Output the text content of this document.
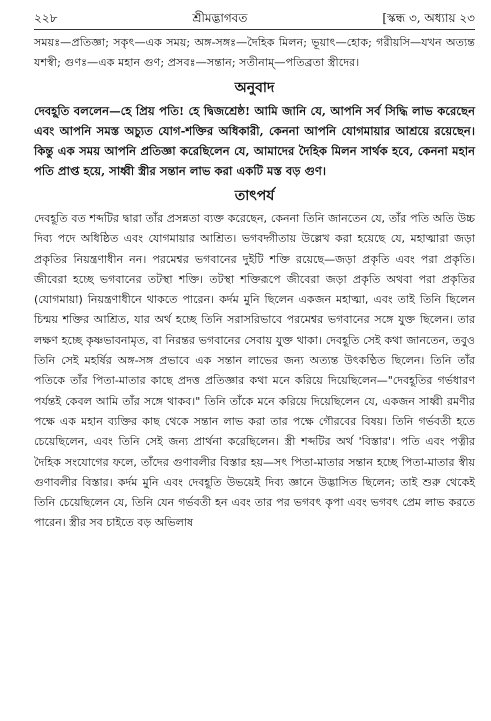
২২৮	শ্রীমদ্ভাগবত	[স্কন্ধ ৩, অধ্যায় ২৩

সময়ঃ—প্রতিজ্ঞা; সকৃৎ—এক সময়; অঙ্গ-সঙ্গঃ—দৈহিক মিলন; ভূয়াৎ—হোক; গরীয়সি—যখন অত্যন্ত যশস্বী; গুণঃ—এক মহান গুণ; প্রসবঃ—সন্তান; সতীনাম্—পতিব্রতা স্ত্রীদের।

অনুবাদ

দেবহূতি বললেন—হে প্রিয় পতি! হে দ্বিজশ্রেষ্ঠ! আমি জানি যে, আপনি সর্ব সিদ্ধি লাভ করেছেন এবং আপনি সমস্ত অচ্যুত যোগ-শক্তির অধিকারী, কেননা আপনি যোগমায়ার আশ্রয়ে রয়েছেন। কিন্তু এক সময় আপনি প্রতিজ্ঞা করেছিলেন যে, আমাদের দৈহিক মিলন সার্থক হবে, কেননা মহান পতি প্রাপ্ত হয়ে, সাধ্বী স্ত্রীর সন্তান লাভ করা একটি মস্ত বড় গুণ।

তাৎপর্য

দেবহূতি বত শব্দটির দ্বারা তাঁর প্রসন্নতা ব্যক্ত করেছেন, কেননা তিনি জানতেন যে, তাঁর পতি অতি উচ্চ দিব্য পদে অধিষ্ঠিত এবং যোগমায়ার আশ্রিত। ভগবদ্গীতায় উল্লেখ করা হয়েছে যে, মহাত্মারা জড়া প্রকৃতির নিয়ন্ত্রণাধীন নন। পরমেশ্বর ভগবানের দুইটি শক্তি রয়েছে—জড়া প্রকৃতি এবং পরা প্রকৃতি। জীবেরা হচ্ছে ভগবানের তটস্থা শক্তি। তটস্থা শক্তিরূপে জীবেরা জড়া প্রকৃতি অথবা পরা প্রকৃতির (যোগমায়া) নিয়ন্ত্রণাধীনে থাকতে পারেন। কর্দম মুনি ছিলেন একজন মহাত্মা, এবং তাই তিনি ছিলেন চিন্ময় শক্তির আশ্রিত, যার অর্থ হচ্ছে তিনি সরাসরিভাবে পরমেশ্বর ভগবানের সঙ্গে যুক্ত ছিলেন। তার লক্ষণ হচ্ছে কৃষ্ণভাবনামৃত, বা নিরন্তর ভগবানের সেবায় যুক্ত থাকা। দেবহূতি সেই কথা জানতেন, তবুও তিনি সেই মহর্ষির অঙ্গ-সঙ্গ প্রভাবে এক সন্তান লাভের জন্য অত্যন্ত উৎকণ্ঠিত ছিলেন। তিনি তাঁর পতিকে তাঁর পিতা-মাতার কাছে প্রদত্ত প্রতিজ্ঞার কথা মনে করিয়ে দিয়েছিলেন—"দেবহূতির গর্ভধারণ পর্যন্তই কেবল আমি তাঁর সঙ্গে থাকব।" তিনি তাঁকে মনে করিয়ে দিয়েছিলেন যে, একজন সাধ্বী রমণীর পক্ষে এক মহান ব্যক্তির কাছ থেকে সন্তান লাভ করা তার পক্ষে গৌরবের বিষয়। তিনি গর্ভবতী হতে চেয়েছিলেন, এবং তিনি সেই জন্য প্রার্থনা করেছিলেন। স্ত্রী শব্দটির অর্থ 'বিস্তার'। পতি এবং পত্নীর দৈহিক সংযোগের ফলে, তাঁদের গুণাবলীর বিস্তার হয়—সৎ পিতা-মাতার সন্তান হচ্ছে পিতা-মাতার স্বীয় গুণাবলীর বিস্তার। কর্দম মুনি এবং দেবহূতি উভয়েই দিব্য জ্ঞানে উদ্ভাসিত ছিলেন; তাই শুরু থেকেই তিনি চেয়েছিলেন যে, তিনি যেন গর্ভবতী হন এবং তার পর ভগবৎ কৃপা এবং ভগবৎ প্রেম লাভ করতে পারেন। স্ত্রীর সব চাইতে বড় অভিলাষ
